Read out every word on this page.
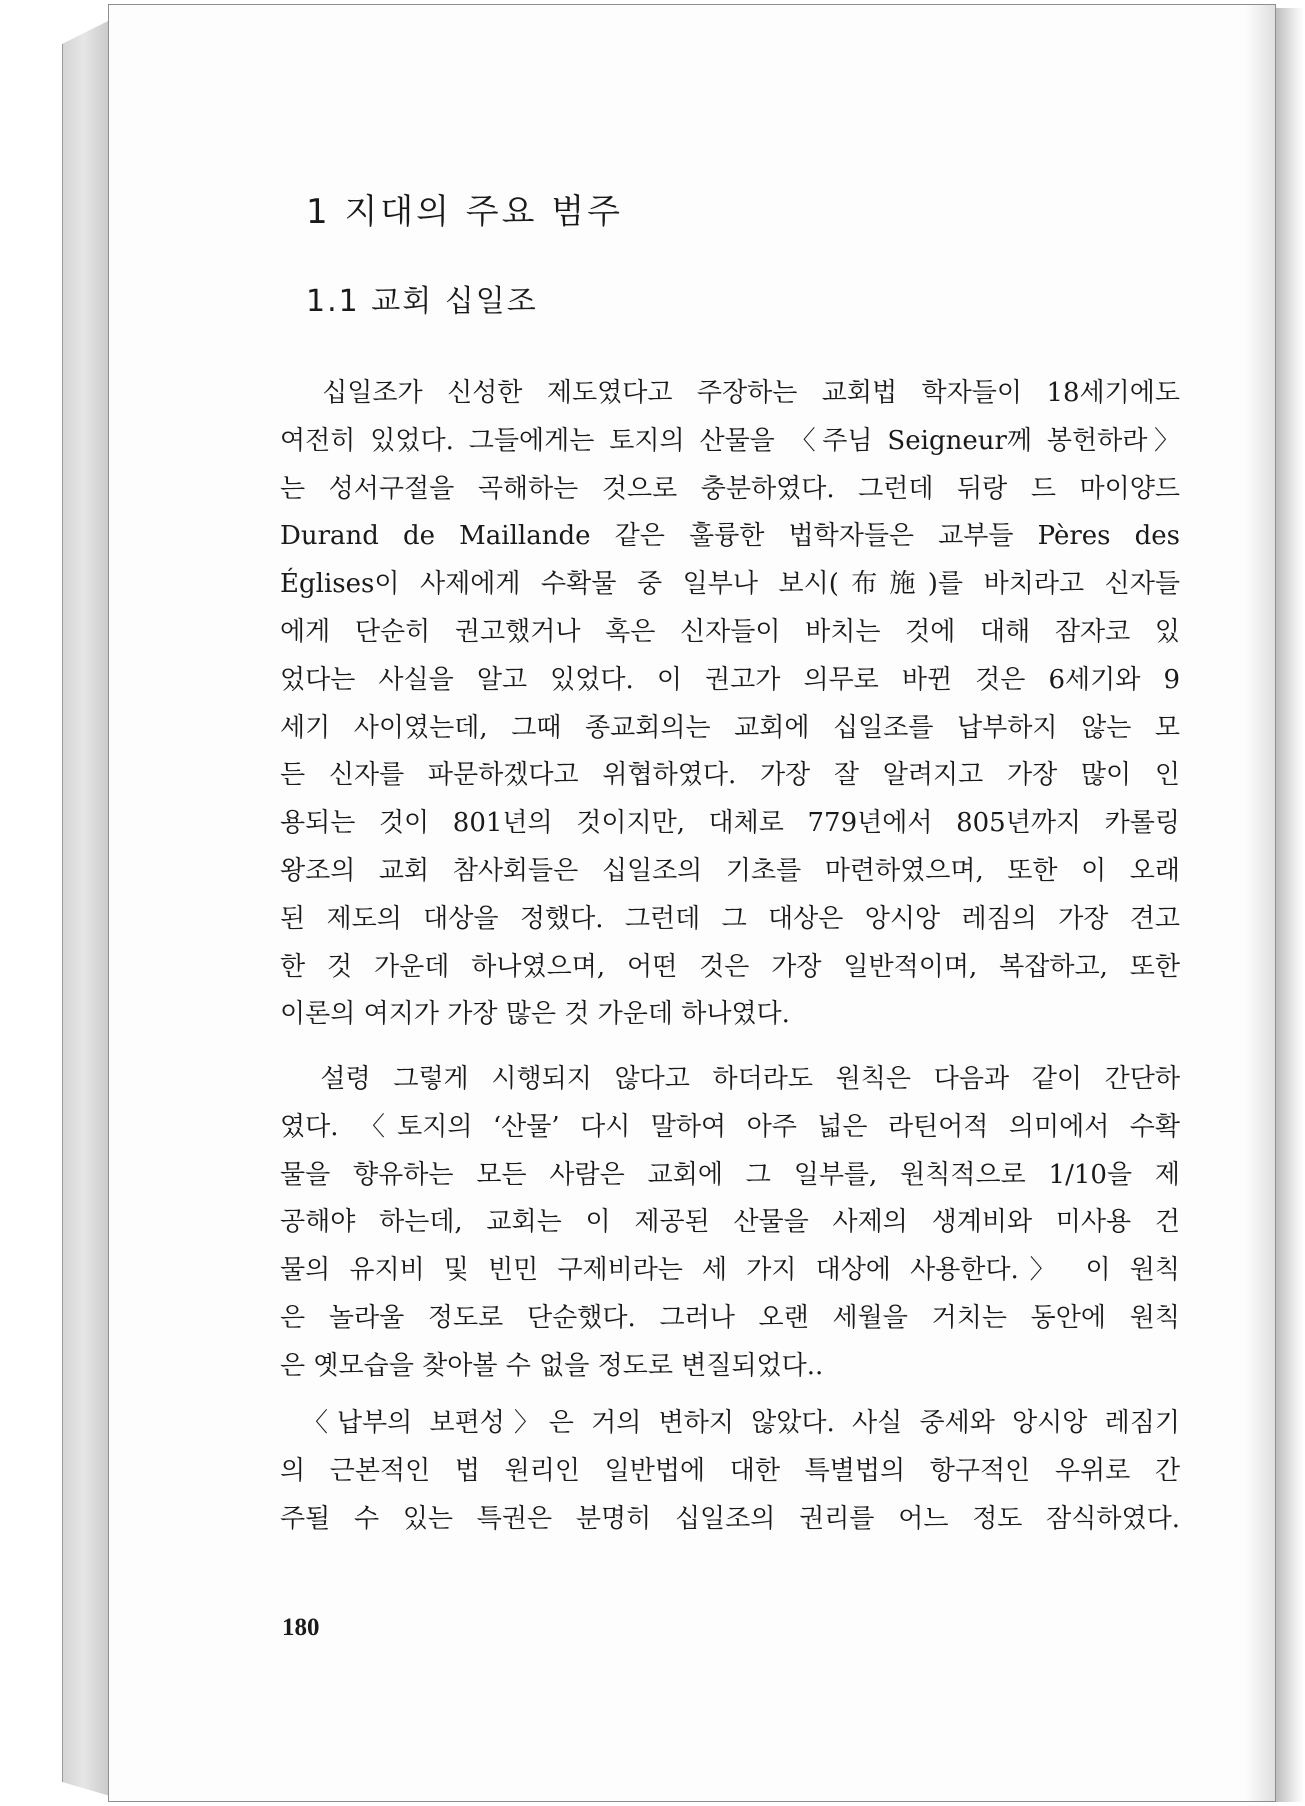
1 지대의 주요 범주
1.1 교회 십일조
　십일조가 신성한 제도였다고 주장하는 교회법 학자들이 18세기에도
여전히 있었다. 그들에게는 토지의 산물을 〈주님 Seigneur께 봉헌하라〉
는 성서구절을 곡해하는 것으로 충분하였다. 그런데 뒤랑 드 마이양드
Durand de Maillande 같은 훌륭한 법학자들은 교부들 Pères des
Églises이 사제에게 수확물 중 일부나 보시(布施)를 바치라고 신자들
에게 단순히 권고했거나 혹은 신자들이 바치는 것에 대해 잠자코 있
었다는 사실을 알고 있었다. 이 권고가 의무로 바뀐 것은 6세기와 9
세기 사이였는데, 그때 종교회의는 교회에 십일조를 납부하지 않는 모
든 신자를 파문하겠다고 위협하였다. 가장 잘 알려지고 가장 많이 인
용되는 것이 801년의 것이지만, 대체로 779년에서 805년까지 카롤링
왕조의 교회 참사회들은 십일조의 기초를 마련하였으며, 또한 이 오래
된 제도의 대상을 정했다. 그런데 그 대상은 앙시앙 레짐의 가장 견고
한 것 가운데 하나였으며, 어떤 것은 가장 일반적이며, 복잡하고, 또한
이론의 여지가 가장 많은 것 가운데 하나였다.
　설령 그렇게 시행되지 않다고 하더라도 원칙은 다음과 같이 간단하
였다. 〈토지의 ‘산물’ 다시 말하여 아주 넓은 라틴어적 의미에서 수확
물을 향유하는 모든 사람은 교회에 그 일부를, 원칙적으로 1/10을 제
공해야 하는데, 교회는 이 제공된 산물을 사제의 생계비와 미사용 건
물의 유지비 및 빈민 구제비라는 세 가지 대상에 사용한다.〉 이 원칙
은 놀라울 정도로 단순했다. 그러나 오랜 세월을 거치는 동안에 원칙
은 옛모습을 찾아볼 수 없을 정도로 변질되었다..
　〈납부의 보편성〉은 거의 변하지 않았다. 사실 중세와 앙시앙 레짐기
의 근본적인 법 원리인 일반법에 대한 특별법의 항구적인 우위로 간
주될 수 있는 특권은 분명히 십일조의 권리를 어느 정도 잠식하였다.
180
